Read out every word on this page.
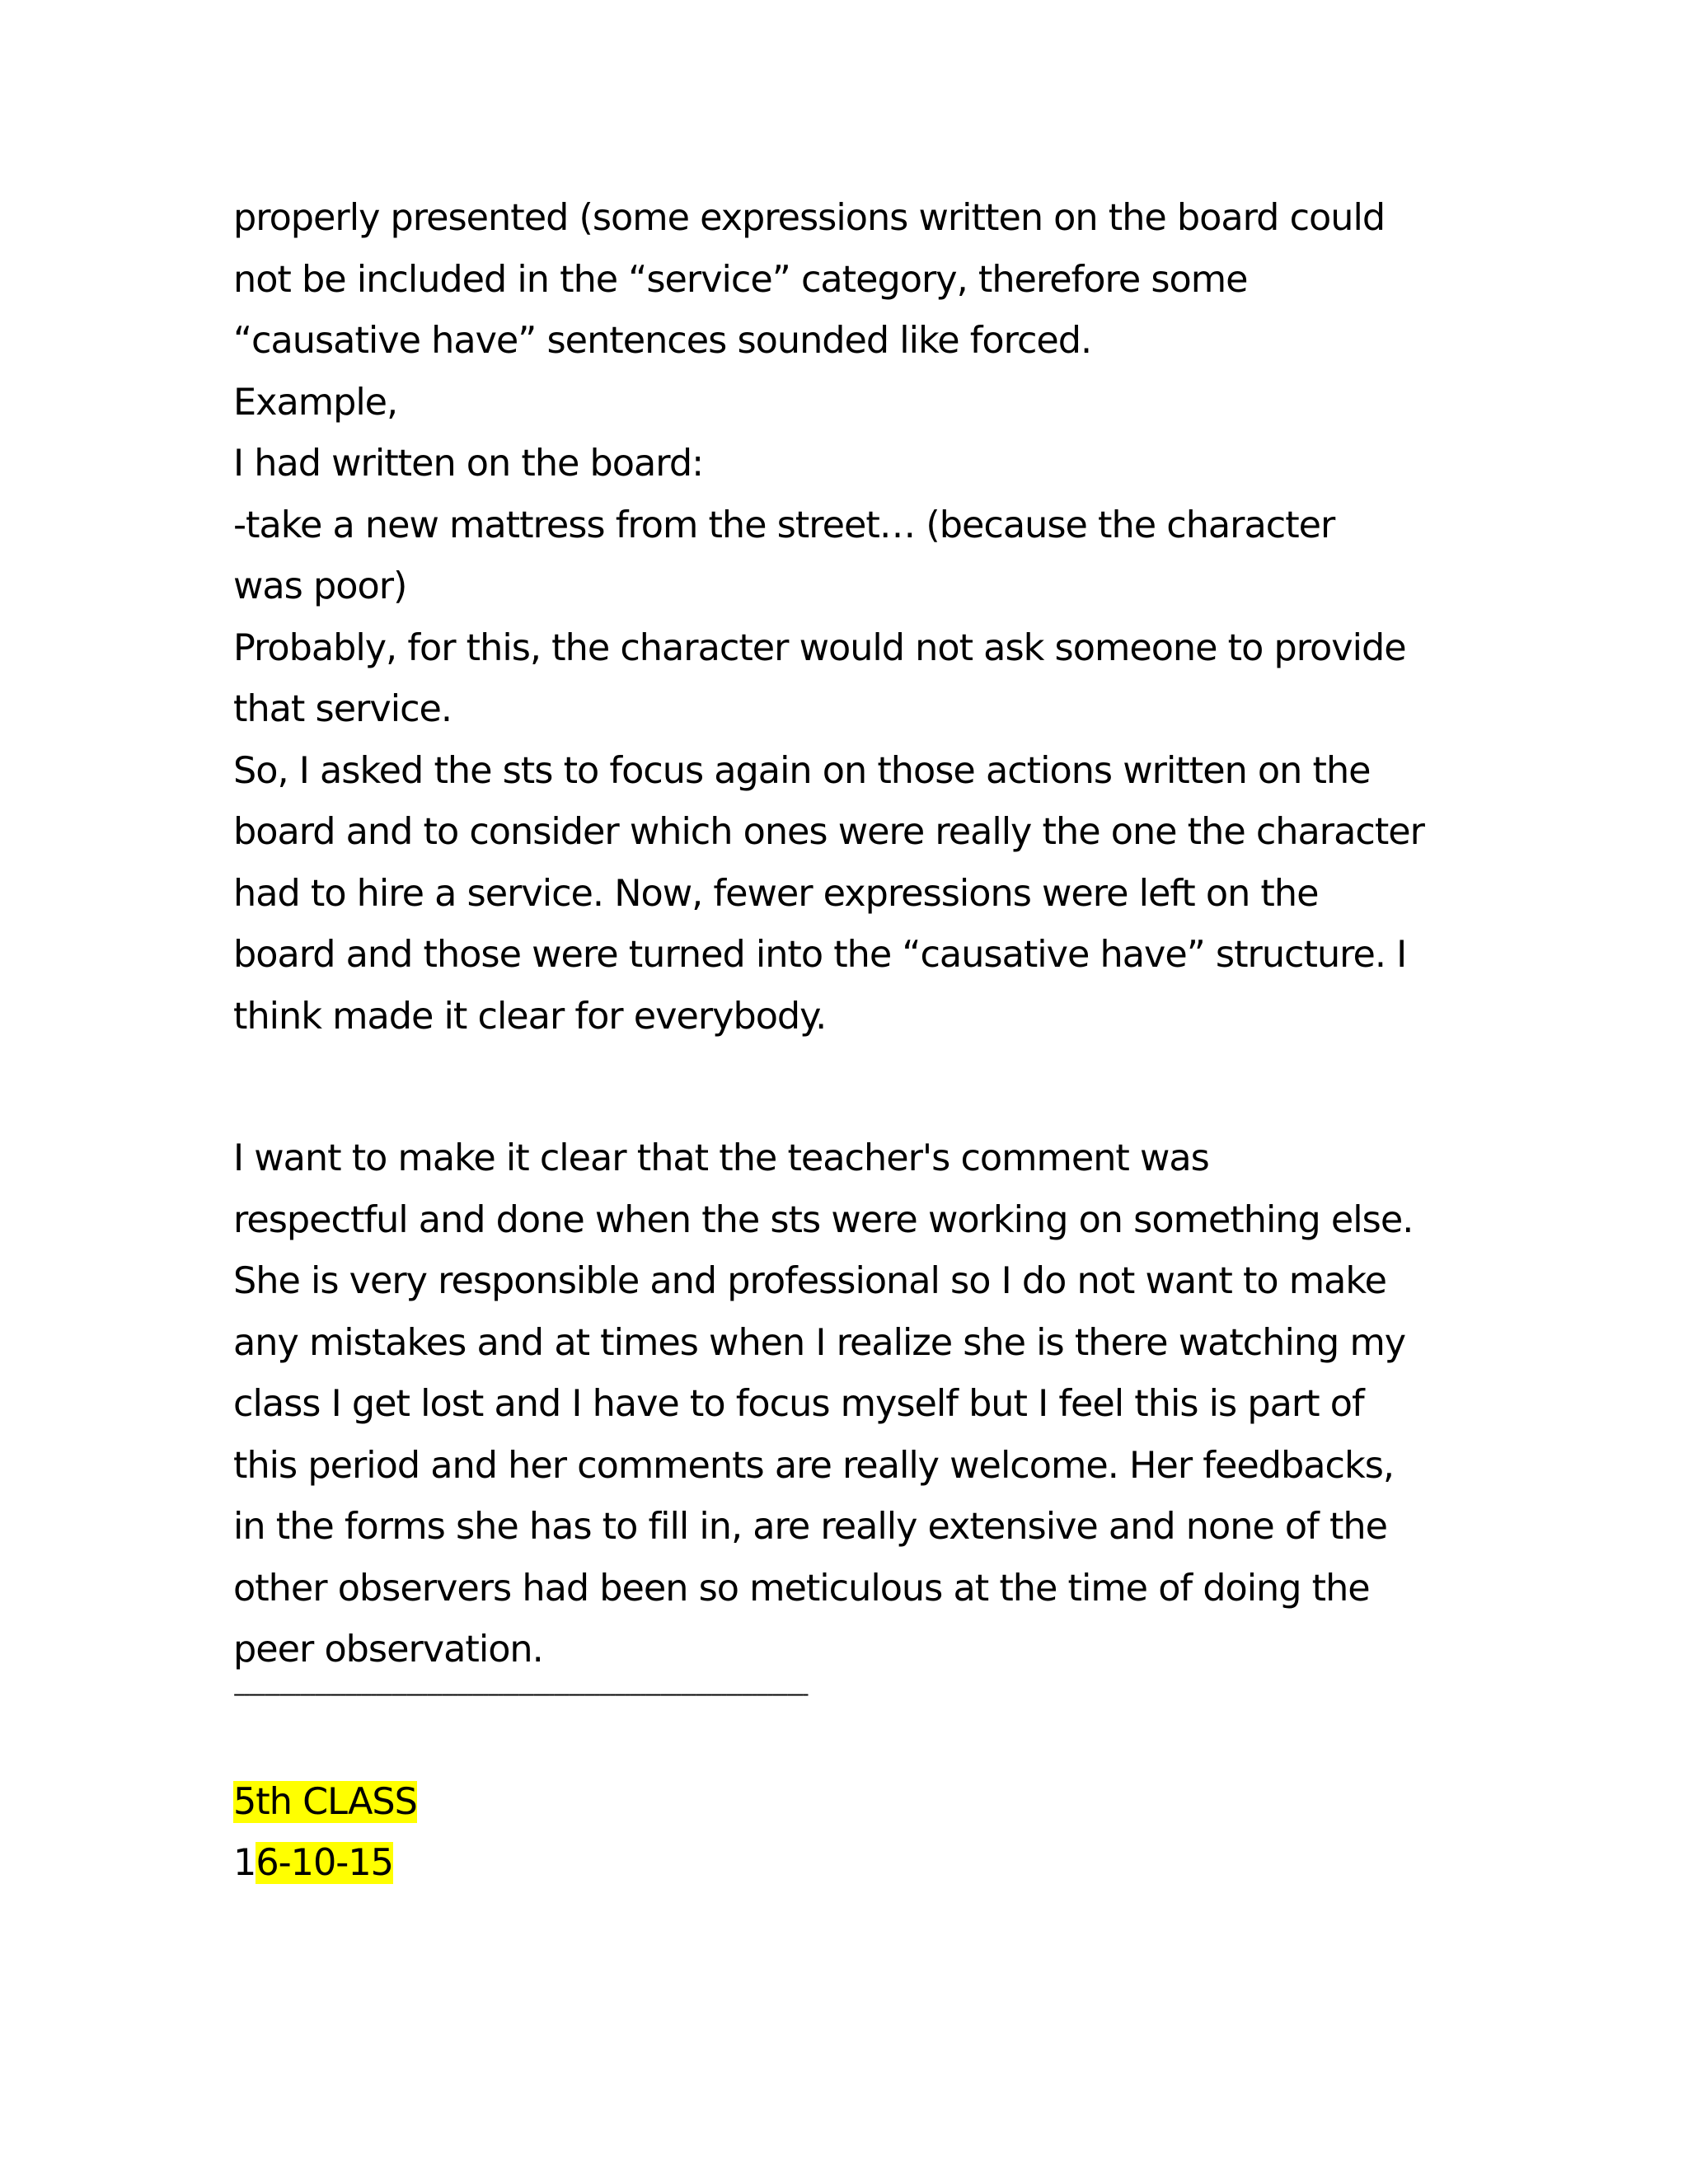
properly presented (some expressions written on the board could
not be included in the “service” category, therefore some
“causative have” sentences sounded like forced.
Example,
I had written on the board:
-take a new mattress from the street… (because the character
was poor)
Probably, for this, the character would not ask someone to provide
that service.
So, I asked the sts to focus again on those actions written on the
board and to consider which ones were really the one the character
had to hire a service. Now, fewer expressions were left on the
board and those were turned into the “causative have” structure. I
think made it clear for everybody.
I want to make it clear that the teacher's comment was
respectful and done when the sts were working on something else.
She is very responsible and professional so I do not want to make
any mistakes and at times when I realize she is there watching my
class I get lost and I have to focus myself but I feel this is part of
this period and her comments are really welcome. Her feedbacks,
in the forms she has to fill in, are really extensive and none of the
other observers had been so meticulous at the time of doing the
peer observation.
-----------------------------------------------------------------------------------------------------------------
5th CLASS
16-10-15
